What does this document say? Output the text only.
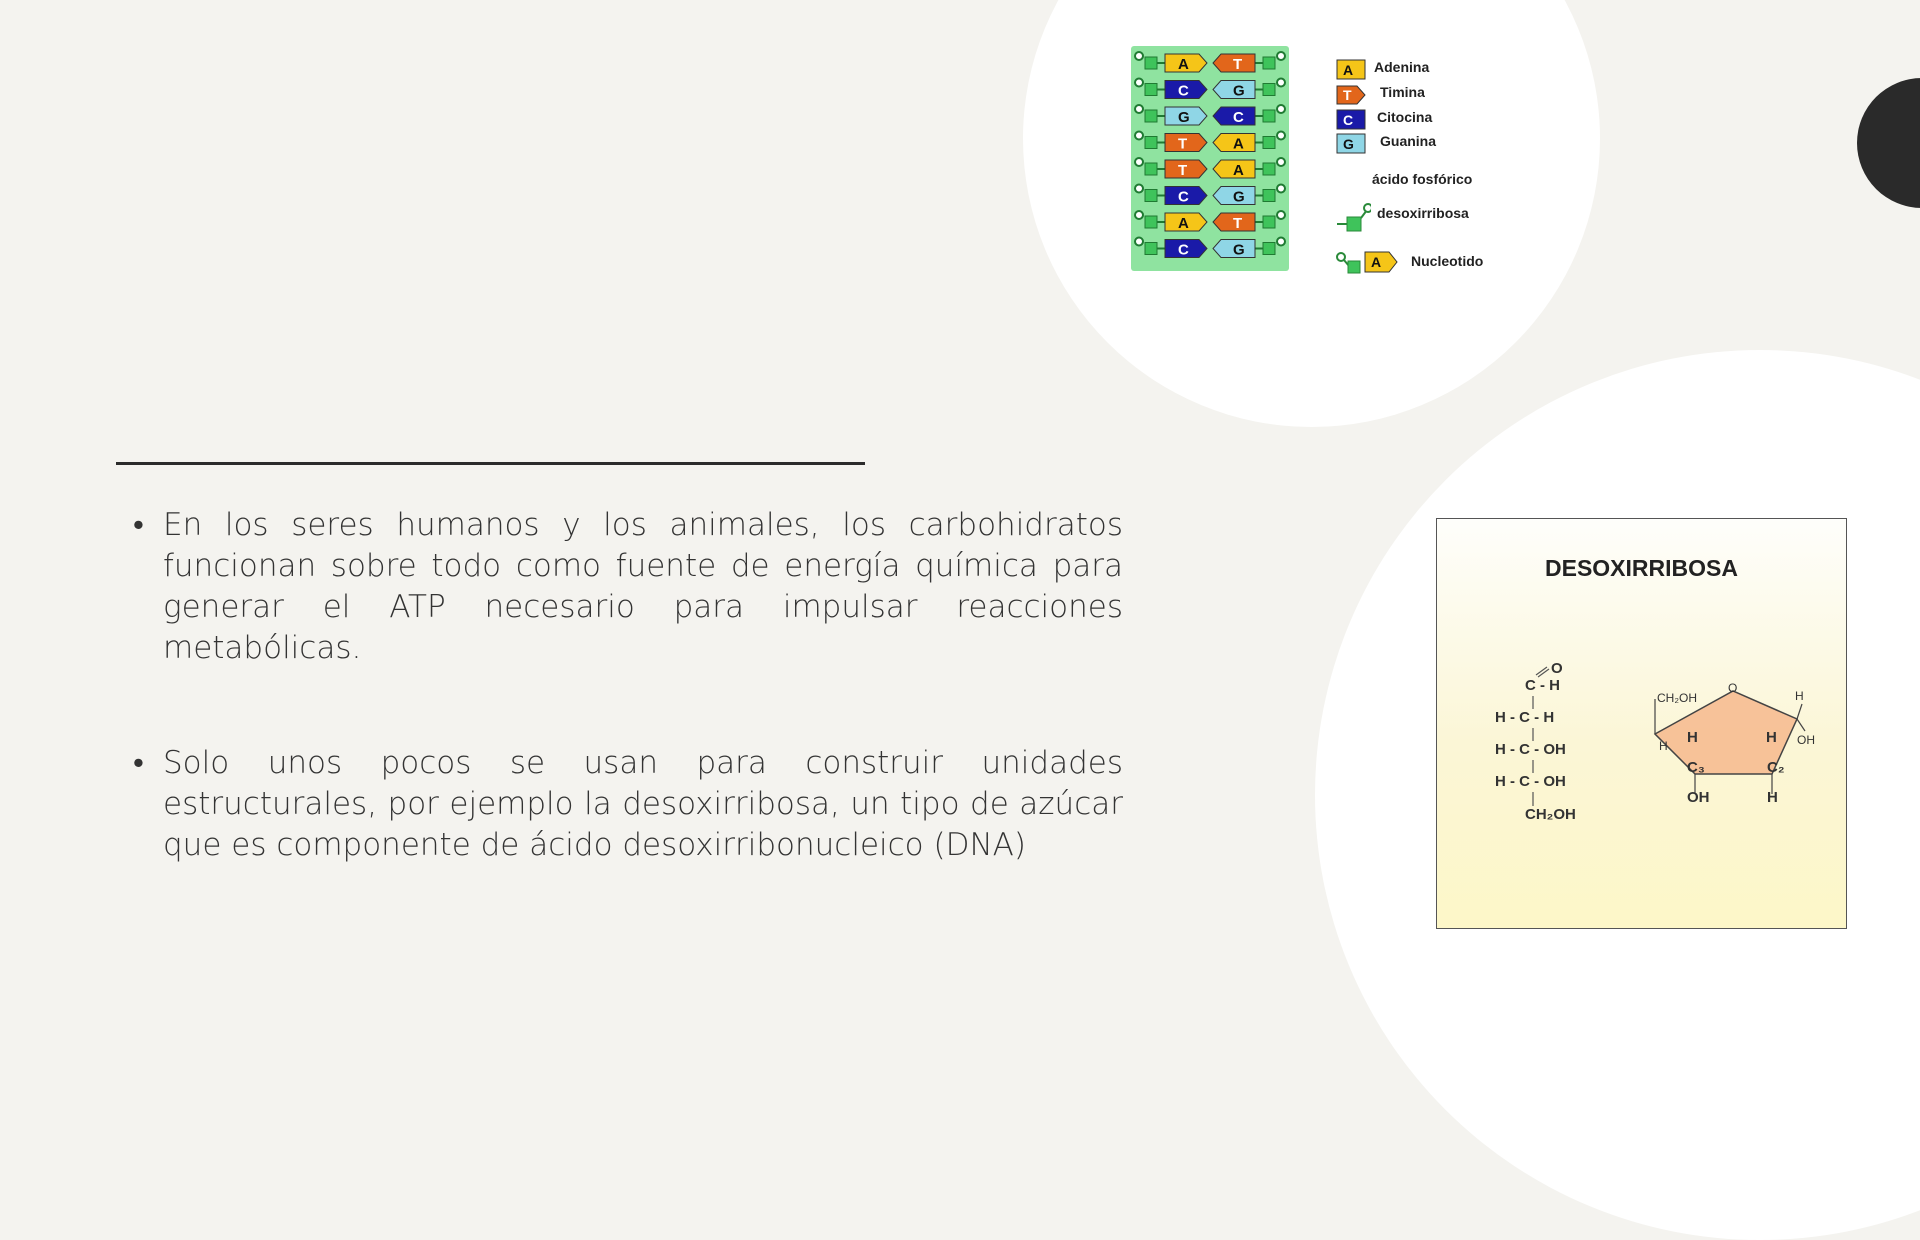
• En los seres humanos y los animales, los carbohidratos funcionan sobre todo como fuente de energía química para generar el ATP necesario para impulsar reacciones metabólicas.
• Solo unos pocos se usan para construir unidades estructurales, por ejemplo la desoxirribosa, un tipo de azúcar que es componente de ácido desoxirribonucleico (DNA)
A	T
C	G
G	C
T	A
T	A
C	G
A	T
C	G
A
T
C
G
A
Adenina
Timina
Citocina
Guanina
ácido fosfórico
desoxirribosa
Nucleotido
DESOXIRRIBOSA
O
C - H
H - C - H
H - C - OH
H - C - OH
CH₂OH
CH₂OH
O
H
H
OH
H	H
C₃	C₂
OH	H
